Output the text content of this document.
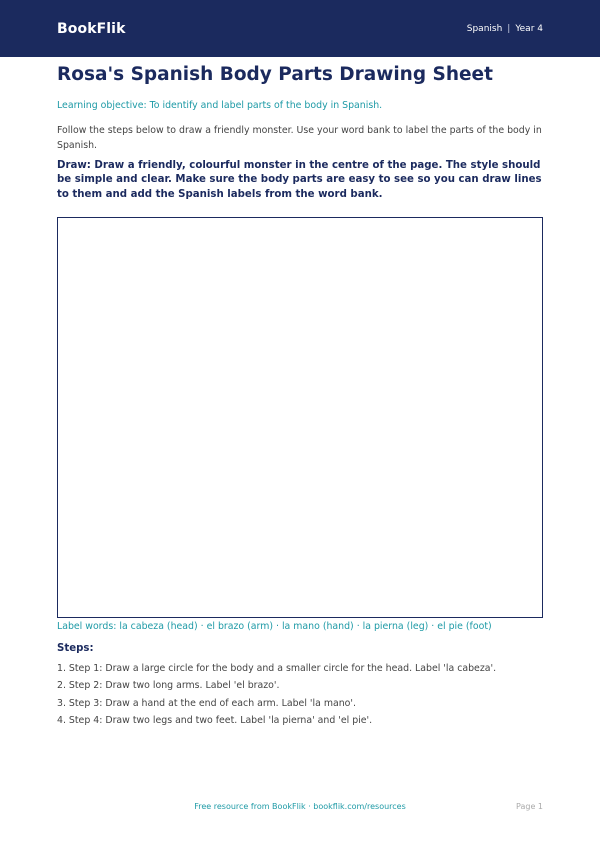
BookFlik	Spanish | Year 4
Rosa's Spanish Body Parts Drawing Sheet

Learning objective: To identify and label parts of the body in Spanish.

Follow the steps below to draw a friendly monster. Use your word bank to label the parts of the body in Spanish.

Draw: Draw a friendly, colourful monster in the centre of the page. The style should be simple and clear. Make sure the body parts are easy to see so you can draw lines to them and add the Spanish labels from the word bank.

Label words: la cabeza (head) · el brazo (arm) · la mano (hand) · la pierna (leg) · el pie (foot)

Steps:

1. Step 1: Draw a large circle for the body and a smaller circle for the head. Label 'la cabeza'.
2. Step 2: Draw two long arms. Label 'el brazo'.
3. Step 3: Draw a hand at the end of each arm. Label 'la mano'.
4. Step 4: Draw two legs and two feet. Label 'la pierna' and 'el pie'.

Free resource from BookFlik · bookflik.com/resources	Page 1
